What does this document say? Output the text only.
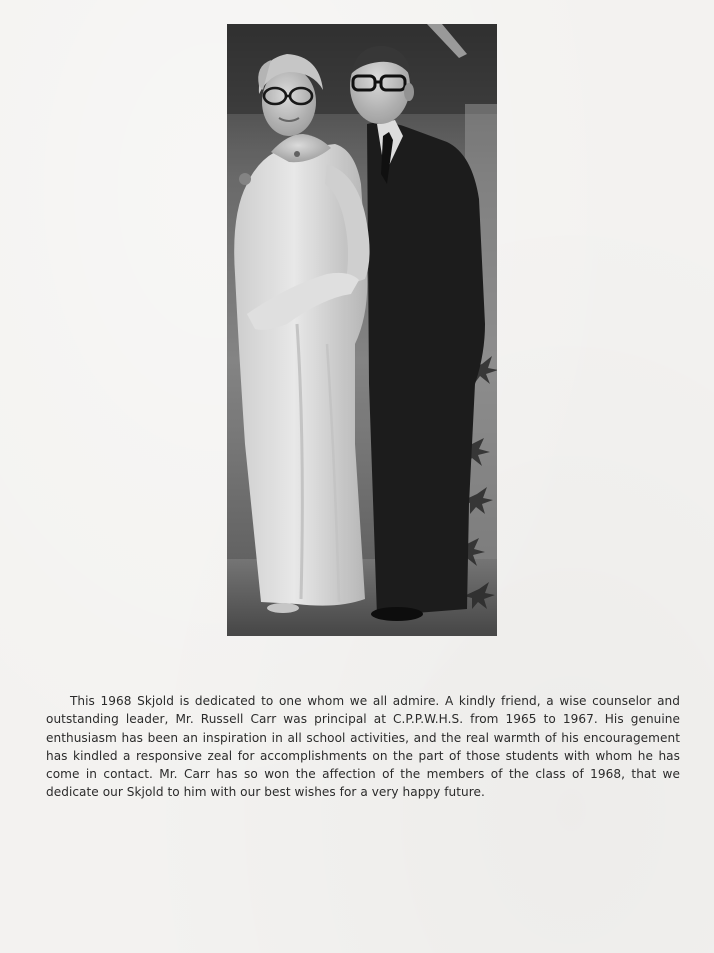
This 1968 Skjold is dedicated to one whom we all admire. A kindly friend, a wise counselor and outstanding leader, Mr. Russell Carr was principal at C.P.P.W.H.S. from 1965 to 1967. His genuine enthusiasm has been an inspiration in all school activities, and the real warmth of his encouragement has kindled a responsive zeal for accomplishments on the part of those students with whom he has come in contact. Mr. Carr has so won the affection of the members of the class of 1968, that we dedicate our Skjold to him with our best wishes for a very happy future.
